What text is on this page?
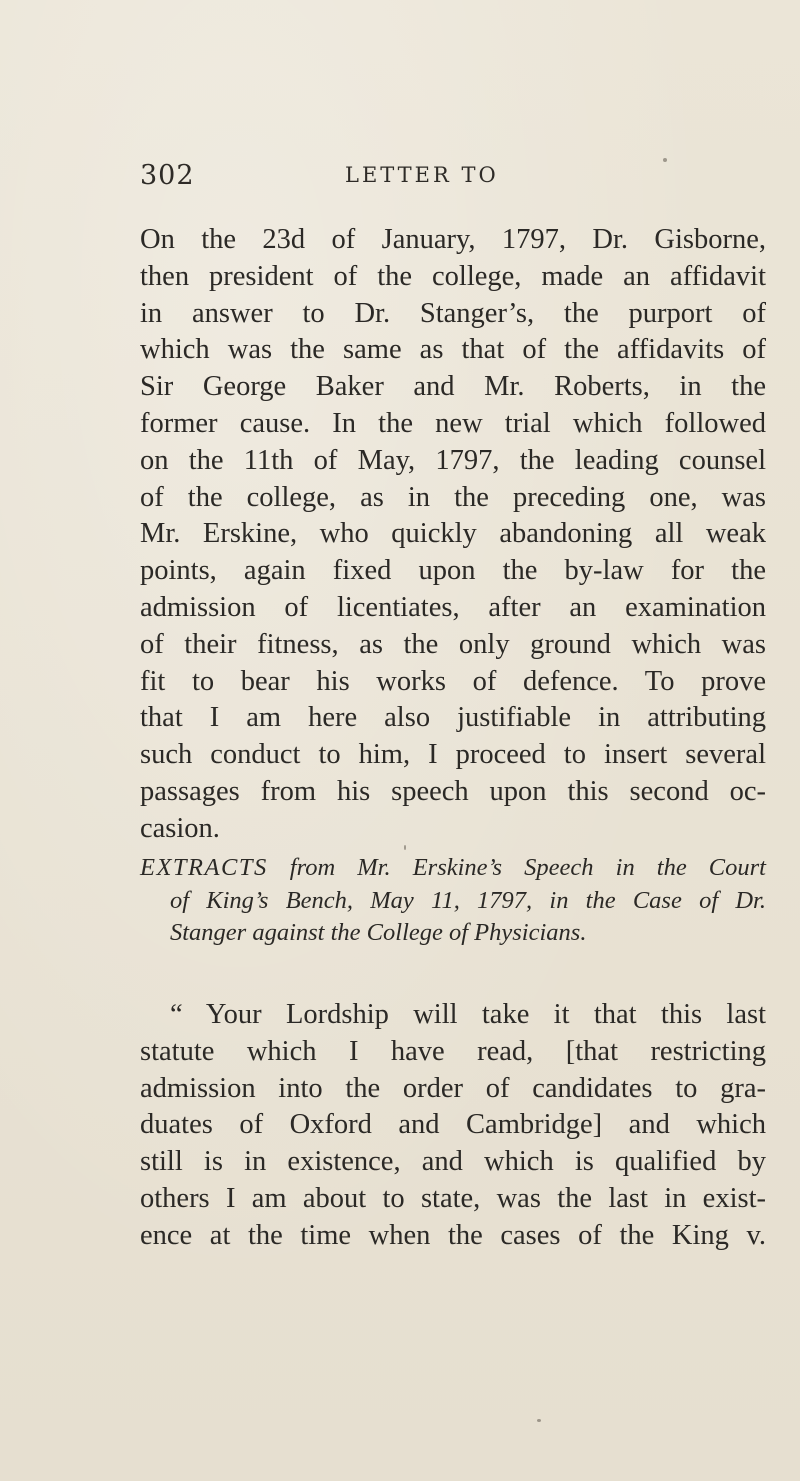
302	LETTER TO
On the 23d of January, 1797, Dr. Gisborne,
then president of the college, made an affidavit
in answer to Dr. Stanger’s, the purport of
which was the same as that of the affidavits of
Sir George Baker and Mr. Roberts, in the
former cause. In the new trial which followed
on the 11th of May, 1797, the leading counsel
of the college, as in the preceding one, was
Mr. Erskine, who quickly abandoning all weak
points, again fixed upon the by-law for the
admission of licentiates, after an examination
of their fitness, as the only ground which was
fit to bear his works of defence. To prove
that I am here also justifiable in attributing
such conduct to him, I proceed to insert several
passages from his speech upon this second oc-
casion.
EXTRACTS from Mr. Erskine’s Speech in the Court
of King’s Bench, May 11, 1797, in the Case of Dr.
Stanger against the College of Physicians.
“ Your Lordship will take it that this last
statute which I have read, [that restricting
admission into the order of candidates to gra-
duates of Oxford and Cambridge] and which
still is in existence, and which is qualified by
others I am about to state, was the last in exist-
ence at the time when the cases of the King v.
